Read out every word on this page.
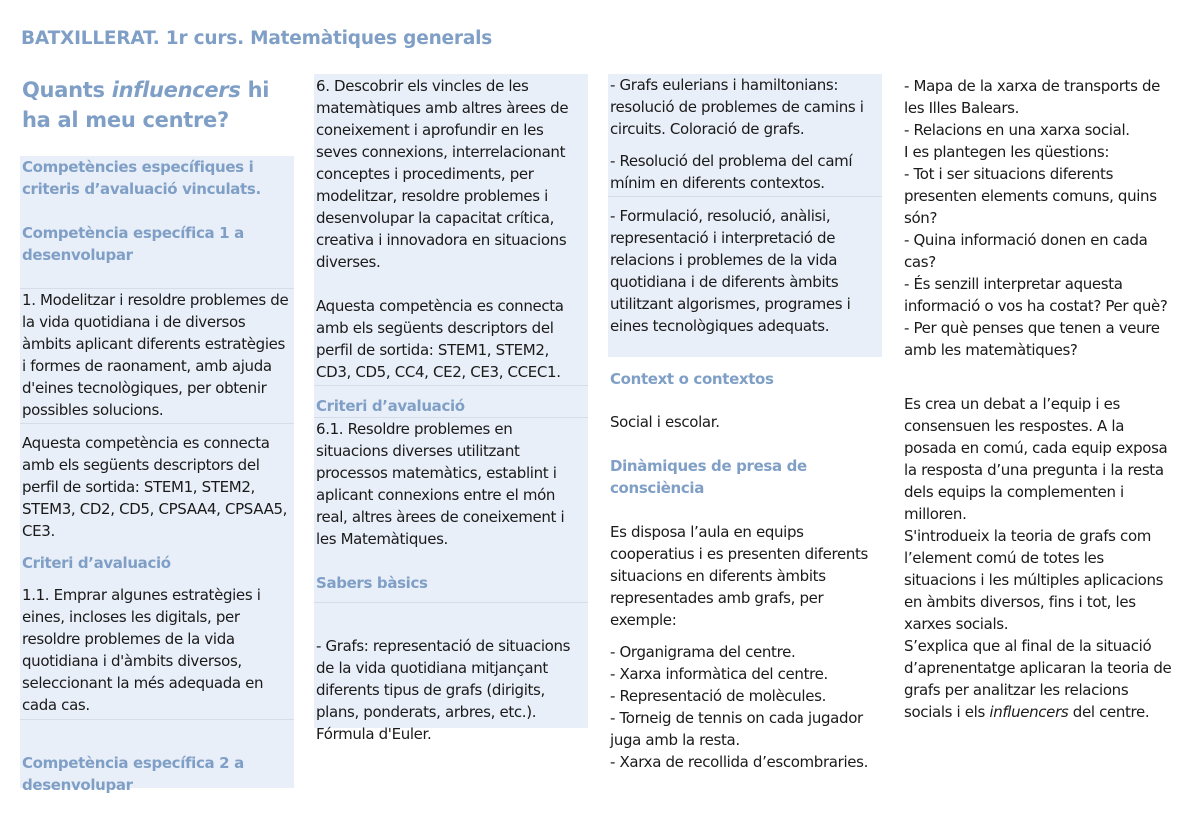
BATXILLERAT. 1r curs. Matemàtiques generals
Quants influencers hi ha al meu centre?
Competències específiques i criteris d’avaluació vinculats.
Competència específica 1 a desenvolupar
1. Modelitzar i resoldre problemes de la vida quotidiana i de diversos àmbits aplicant diferents estratègies i formes de raonament, amb ajuda d'eines tecnològiques, per obtenir possibles solucions.
Aquesta competència es connecta amb els següents descriptors del perfil de sortida: STEM1, STEM2, STEM3, CD2, CD5, CPSAA4, CPSAA5, CE3.
Criteri d’avaluació
1.1. Emprar algunes estratègies i eines, incloses les digitals, per resoldre problemes de la vida quotidiana i d'àmbits diversos, seleccionant la més adequada en cada cas.
Competència específica 2 a desenvolupar
6. Descobrir els vincles de les matemàtiques amb altres àrees de coneixement i aprofundir en les seves connexions, interrelacionant conceptes i procediments, per modelitzar, resoldre problemes i desenvolupar la capacitat crítica, creativa i innovadora en situacions diverses.
Aquesta competència es connecta amb els següents descriptors del perfil de sortida: STEM1, STEM2, CD3, CD5, CC4, CE2, CE3, CCEC1.
Criteri d’avaluació
6.1. Resoldre problemes en situacions diverses utilitzant processos matemàtics, establint i aplicant connexions entre el món real, altres àrees de coneixement i les Matemàtiques.
Sabers bàsics
- Grafs: representació de situacions de la vida quotidiana mitjançant diferents tipus de grafs (dirigits, plans, ponderats, arbres, etc.). Fórmula d'Euler.
- Grafs eulerians i hamiltonians: resolució de problemes de camins i circuits. Coloració de grafs.
- Resolució del problema del camí mínim en diferents contextos.
- Formulació, resolució, anàlisi, representació i interpretació de relacions i problemes de la vida quotidiana i de diferents àmbits utilitzant algorismes, programes i eines tecnològiques adequats.
Context o contextos
Social i escolar.
Dinàmiques de presa de consciència
Es disposa l’aula en equips cooperatius i es presenten diferents situacions en diferents àmbits representades amb grafs, per exemple:
- Organigrama del centre.
- Xarxa informàtica del centre.
- Representació de molècules.
- Torneig de tennis on cada jugador juga amb la resta.
- Xarxa de recollida d’escombraries.
- Mapa de la xarxa de transports de les Illes Balears.
- Relacions en una xarxa social.
I es plantegen les qüestions:
- Tot i ser situacions diferents presenten elements comuns, quins són?
- Quina informació donen en cada cas?
- És senzill interpretar aquesta informació o vos ha costat? Per què?
- Per què penses que tenen a veure amb les matemàtiques?
Es crea un debat a l’equip i es consensuen les respostes. A la posada en comú, cada equip exposa la resposta d’una pregunta i la resta dels equips la complementen i milloren.
S'introdueix la teoria de grafs com l’element comú de totes les situacions i les múltiples aplicacions en àmbits diversos, fins i tot, les xarxes socials.
S’explica que al final de la situació d’aprenentatge aplicaran la teoria de grafs per analitzar les relacions socials i els influencers del centre.
